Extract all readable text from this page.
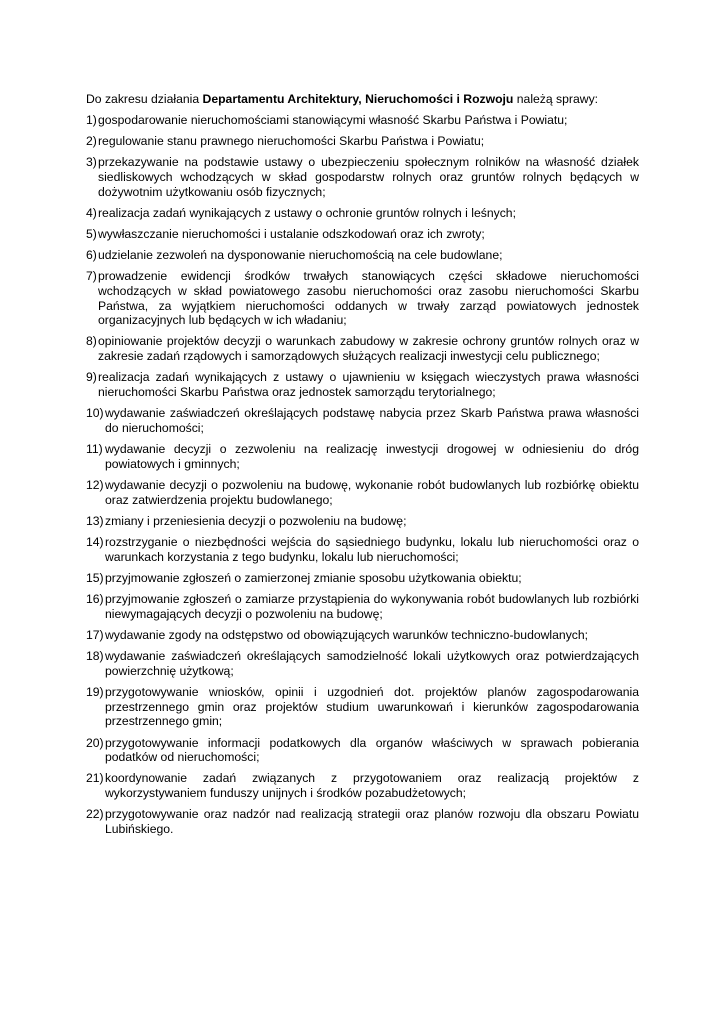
Do zakresu działania Departamentu Architektury, Nieruchomości i Rozwoju należą sprawy:

1) gospodarowanie nieruchomościami stanowiącymi własność Skarbu Państwa i Powiatu;
2) regulowanie stanu prawnego nieruchomości Skarbu Państwa i Powiatu;
3) przekazywanie na podstawie ustawy o ubezpieczeniu społecznym rolników na własność działek siedliskowych wchodzących w skład gospodarstw rolnych oraz gruntów rolnych będących w dożywotnim użytkowaniu osób fizycznych;
4) realizacja zadań wynikających z ustawy o ochronie gruntów rolnych i leśnych;
5) wywłaszczanie nieruchomości i ustalanie odszkodowań oraz ich zwroty;
6) udzielanie zezwoleń na dysponowanie nieruchomością na cele budowlane;
7) prowadzenie ewidencji środków trwałych stanowiących części składowe nieruchomości wchodzących w skład powiatowego zasobu nieruchomości oraz zasobu nieruchomości Skarbu Państwa, za wyjątkiem nieruchomości oddanych w trwały zarząd powiatowych jednostek organizacyjnych lub będących w ich władaniu;
8) opiniowanie projektów decyzji o warunkach zabudowy w zakresie ochrony gruntów rolnych oraz w zakresie zadań rządowych i samorządowych służących realizacji inwestycji celu publicznego;
9) realizacja zadań wynikających z ustawy o ujawnieniu w księgach wieczystych prawa własności nieruchomości Skarbu Państwa oraz jednostek samorządu terytorialnego;
10) wydawanie zaświadczeń określających podstawę nabycia przez Skarb Państwa prawa własności do nieruchomości;
11) wydawanie decyzji o zezwoleniu na realizację inwestycji drogowej w odniesieniu do dróg powiatowych i gminnych;
12) wydawanie decyzji o pozwoleniu na budowę, wykonanie robót budowlanych lub rozbiórkę obiektu oraz zatwierdzenia projektu budowlanego;
13) zmiany i przeniesienia decyzji o pozwoleniu na budowę;
14) rozstrzyganie o niezbędności wejścia do sąsiedniego budynku, lokalu lub nieruchomości oraz o warunkach korzystania z tego budynku, lokalu lub nieruchomości;
15) przyjmowanie zgłoszeń o zamierzonej zmianie sposobu użytkowania obiektu;
16) przyjmowanie zgłoszeń o zamiarze przystąpienia do wykonywania robót budowlanych lub rozbiórki niewymagających decyzji o pozwoleniu na budowę;
17) wydawanie zgody na odstępstwo od obowiązujących warunków techniczno-budowlanych;
18) wydawanie zaświadczeń określających samodzielność lokali użytkowych oraz potwierdzających powierzchnię użytkową;
19) przygotowywanie wniosków, opinii i uzgodnień dot. projektów planów zagospodarowania przestrzennego gmin oraz projektów studium uwarunkowań i kierunków zagospodarowania przestrzennego gmin;
20) przygotowywanie informacji podatkowych dla organów właściwych w sprawach pobierania podatków od nieruchomości;
21) koordynowanie zadań związanych z przygotowaniem oraz realizacją projektów z wykorzystywaniem funduszy unijnych i środków pozabudżetowych;
22) przygotowywanie oraz nadzór nad realizacją strategii oraz planów rozwoju dla obszaru Powiatu Lubińskiego.
